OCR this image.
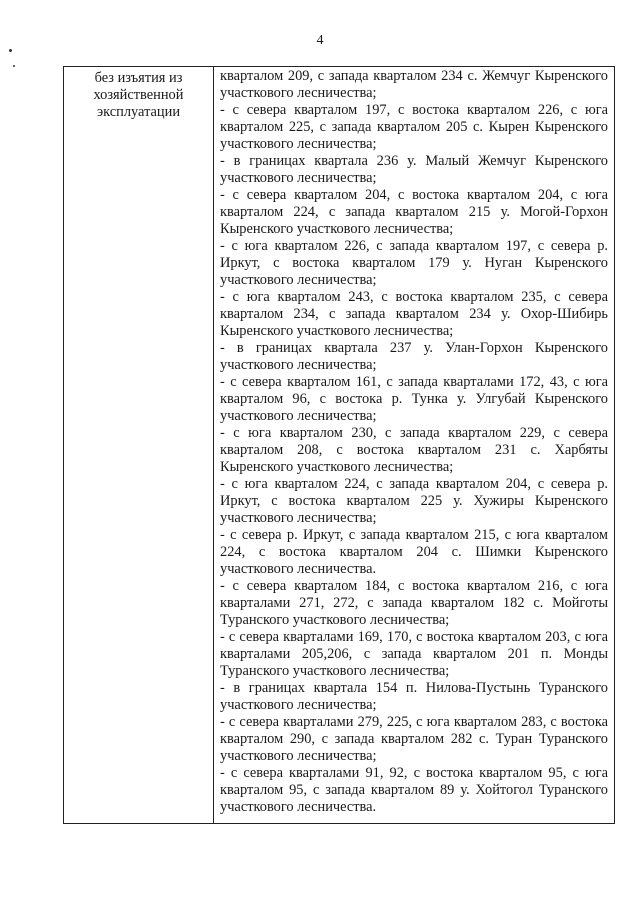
4
без изъятия из
хозяйственной
эксплуатации

кварталом 209, с запада кварталом 234 с. Жемчуг Кыренского участкового лесничества;

- с севера кварталом 197, с востока кварталом 226, с юга кварталом 225, с запада кварталом 205 с. Кырен Кыренского участкового лесничества;

- в границах квартала 236 у. Малый Жемчуг Кыренского участкового лесничества;

- с севера кварталом 204, с востока кварталом 204, с юга кварталом 224, с запада кварталом 215 у. Могой-Горхон Кыренского участкового лесничества;

- с юга кварталом 226, с запада кварталом 197, с севера р. Иркут, с востока кварталом 179 у. Нуган Кыренского участкового лесничества;

- с юга кварталом 243, с востока кварталом 235, с севера кварталом 234, с запада кварталом 234 у. Охор-Шибирь Кыренского участкового лесничества;

- в границах квартала 237 у. Улан-Горхон Кыренского участкового лесничества;

- с севера кварталом 161, с запада кварталами 172, 43, с юга кварталом 96, с востока р. Тунка у. Улгубай Кыренского участкового лесничества;

- с юга кварталом 230, с запада кварталом 229, с севера кварталом 208, с востока кварталом 231 с. Харбяты Кыренского участкового лесничества;

- с юга кварталом 224, с запада кварталом 204, с севера р. Иркут, с востока кварталом 225 у. Хужиры Кыренского участкового лесничества;

- с севера р. Иркут, с запада кварталом 215, с юга кварталом 224, с востока кварталом 204 с. Шимки Кыренского участкового лесничества.

- с севера кварталом 184, с востока кварталом 216, с юга кварталами 271, 272, с запада кварталом 182 с. Мойготы Туранского участкового лесничества;

- с севера кварталами 169, 170, с востока кварталом 203, с юга кварталами 205,206, с запада кварталом 201 п. Монды Туранского участкового лесничества;

- в границах квартала 154 п. Нилова-Пустынь Туранского участкового лесничества;

- с севера кварталами 279, 225, с юга кварталом 283, с востока кварталом 290, с запада кварталом 282 с. Туран Туранского участкового лесничества;

- с севера кварталами 91, 92, с востока кварталом 95, с юга кварталом 95, с запада кварталом 89 у. Хойтогол Туранского участкового лесничества.
